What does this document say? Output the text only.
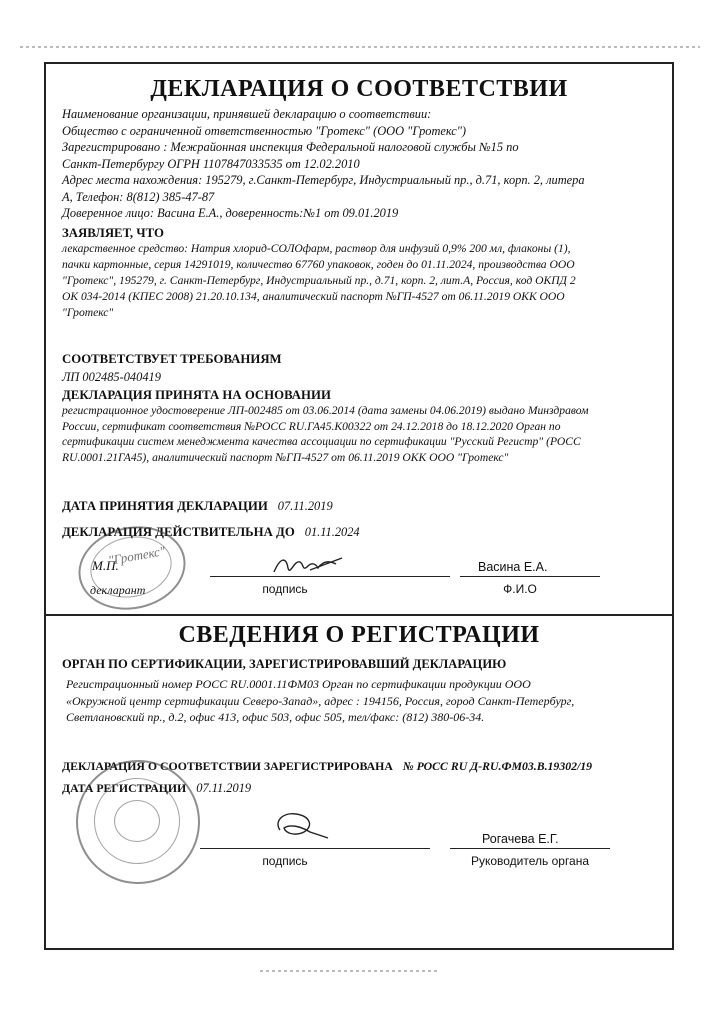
ДЕКЛАРАЦИЯ О СООТВЕТСТВИИ
Наименование организации, принявшей декларацию о соответствии:
Общество с ограниченной ответственностью "Гротекс" (ООО "Гротекс")
Зарегистрировано : Межрайонная инспекция Федеральной налоговой службы №15 по
Санкт-Петербургу ОГРН 1107847033535 от 12.02.2010
Адрес места нахождения: 195279, г.Санкт-Петербург, Индустриальный пр., д.71, корп. 2, литера
А, Телефон: 8(812) 385-47-87
Доверенное лицо: Васина Е.А., доверенность:№1 от 09.01.2019
ЗАЯВЛЯЕТ, ЧТО
лекарственное средство: Натрия хлорид-СОЛОфарм, раствор для инфузий 0,9% 200 мл, флаконы (1),
пачки картонные, серия 14291019, количество 67760 упаковок, годен до 01.11.2024, производства ООО
"Гротекс", 195279, г. Санкт-Петербург, Индустриальный пр., д.71, корп. 2, лит.А, Россия, код ОКПД 2
ОК 034-2014 (КПЕС 2008) 21.20.10.134, аналитический паспорт №ГП-4527 от 06.11.2019 ОКК ООО
"Гротекс"
СООТВЕТСТВУЕТ ТРЕБОВАНИЯМ
ЛП 002485-040419
ДЕКЛАРАЦИЯ ПРИНЯТА НА ОСНОВАНИИ
регистрационное удостоверение ЛП-002485 от 03.06.2014 (дата замены 04.06.2019) выдано Минздравом
России, сертификат соответствия №РОСС RU.ГА45.К00322 от 24.12.2018 до 18.12.2020 Орган по
сертификации систем менеджмента качества ассоциации по сертификации "Русский Регистр" (РОСС
RU.0001.21ГА45), аналитический паспорт №ГП-4527 от 06.11.2019 ОКК ООО "Гротекс"
ДАТА ПРИНЯТИЯ ДЕКЛАРАЦИИ 07.11.2019
ДЕКЛАРАЦИЯ ДЕЙСТВИТЕЛЬНА ДО 01.11.2024
"Гротекс"
М.П.
декларант	подпись
Васина Е.А.
Ф.И.О
СВЕДЕНИЯ О РЕГИСТРАЦИИ
ОРГАН ПО СЕРТИФИКАЦИИ, ЗАРЕГИСТРИРОВАВШИЙ ДЕКЛАРАЦИЮ
Регистрационный номер РОСС RU.0001.11ФМ03 Орган по сертификации продукции ООО
«Окружной центр сертификации Северо-Запад», адрес : 194156, Россия, город Санкт-Петербург,
Светлановский пр., д.2, офис 413, офис 503, офис 505, тел/факс: (812) 380-06-34.
ДЕКЛАРАЦИЯ О СООТВЕТСТВИИ ЗАРЕГИСТРИРОВАНА № РОСС RU Д-RU.ФМ03.В.19302/19
ДАТА РЕГИСТРАЦИИ 07.11.2019
подпись
Рогачева Е.Г.
Руководитель органа
